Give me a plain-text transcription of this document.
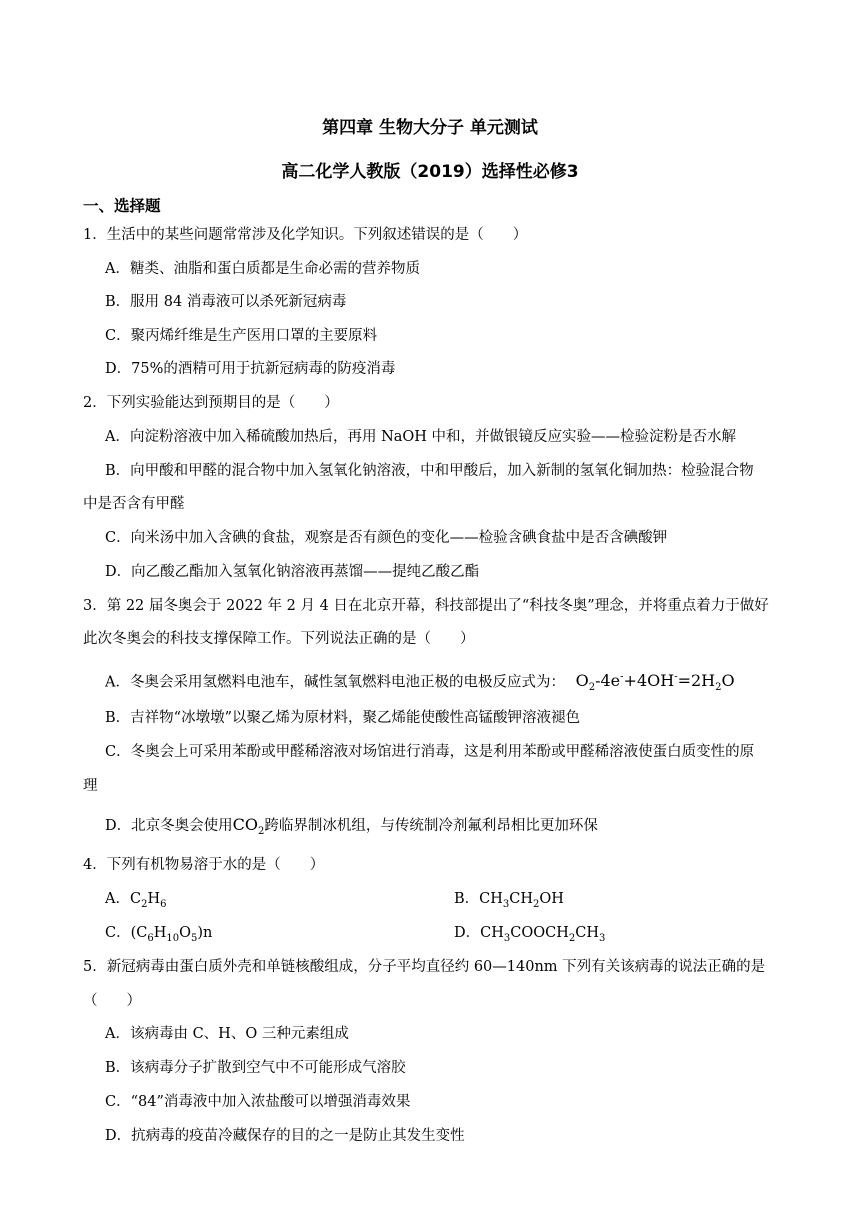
第四章 生物大分子 单元测试
高二化学人教版（2019）选择性必修3
一、选择题
1．生活中的某些问题常常涉及化学知识。下列叙述错误的是（　　）
A．糖类、油脂和蛋白质都是生命必需的营养物质
B．服用 84 消毒液可以杀死新冠病毒
C．聚丙烯纤维是生产医用口罩的主要原料
D．75%的酒精可用于抗新冠病毒的防疫消毒
2．下列实验能达到预期目的是（　　）
A．向淀粉溶液中加入稀硫酸加热后，再用 NaOH 中和，并做银镜反应实验——检验淀粉是否水解
B．向甲酸和甲醛的混合物中加入氢氧化钠溶液，中和甲酸后，加入新制的氢氧化铜加热：检验混合物
中是否含有甲醛
C．向米汤中加入含碘的食盐，观察是否有颜色的变化——检验含碘食盐中是否含碘酸钾
D．向乙酸乙酯加入氢氧化钠溶液再蒸馏——提纯乙酸乙酯
3．第 22 届冬奥会于 2022 年 2 月 4 日在北京开幕，科技部提出了“科技冬奥”理念，并将重点着力于做好
此次冬奥会的科技支撑保障工作。下列说法正确的是（　　）
A．冬奥会采用氢燃料电池车，碱性氢氧燃料电池正极的电极反应式为： $O_2-4e^-+4OH^-=2H_2O$
B．吉祥物“冰墩墩”以聚乙烯为原材料，聚乙烯能使酸性高锰酸钾溶液褪色
C．冬奥会上可采用苯酚或甲醛稀溶液对场馆进行消毒，这是利用苯酚或甲醛稀溶液使蛋白质变性的原
理
D．北京冬奥会使用$CO_2$跨临界制冰机组，与传统制冷剂氟利昂相比更加环保
4．下列有机物易溶于水的是（　　）
A．$C_2H_6$	B．$CH_3CH_2OH$
C．$(C_6H_{10}O_5)n$	D．$CH_3COOCH_2CH_3$
5．新冠病毒由蛋白质外壳和单链核酸组成，分子平均直径约 60—140nm 下列有关该病毒的说法正确的是
（　　）
A．该病毒由 C、H、O 三种元素组成
B．该病毒分子扩散到空气中不可能形成气溶胶
C．“84”消毒液中加入浓盐酸可以增强消毒效果
D．抗病毒的疫苗冷藏保存的目的之一是防止其发生变性
